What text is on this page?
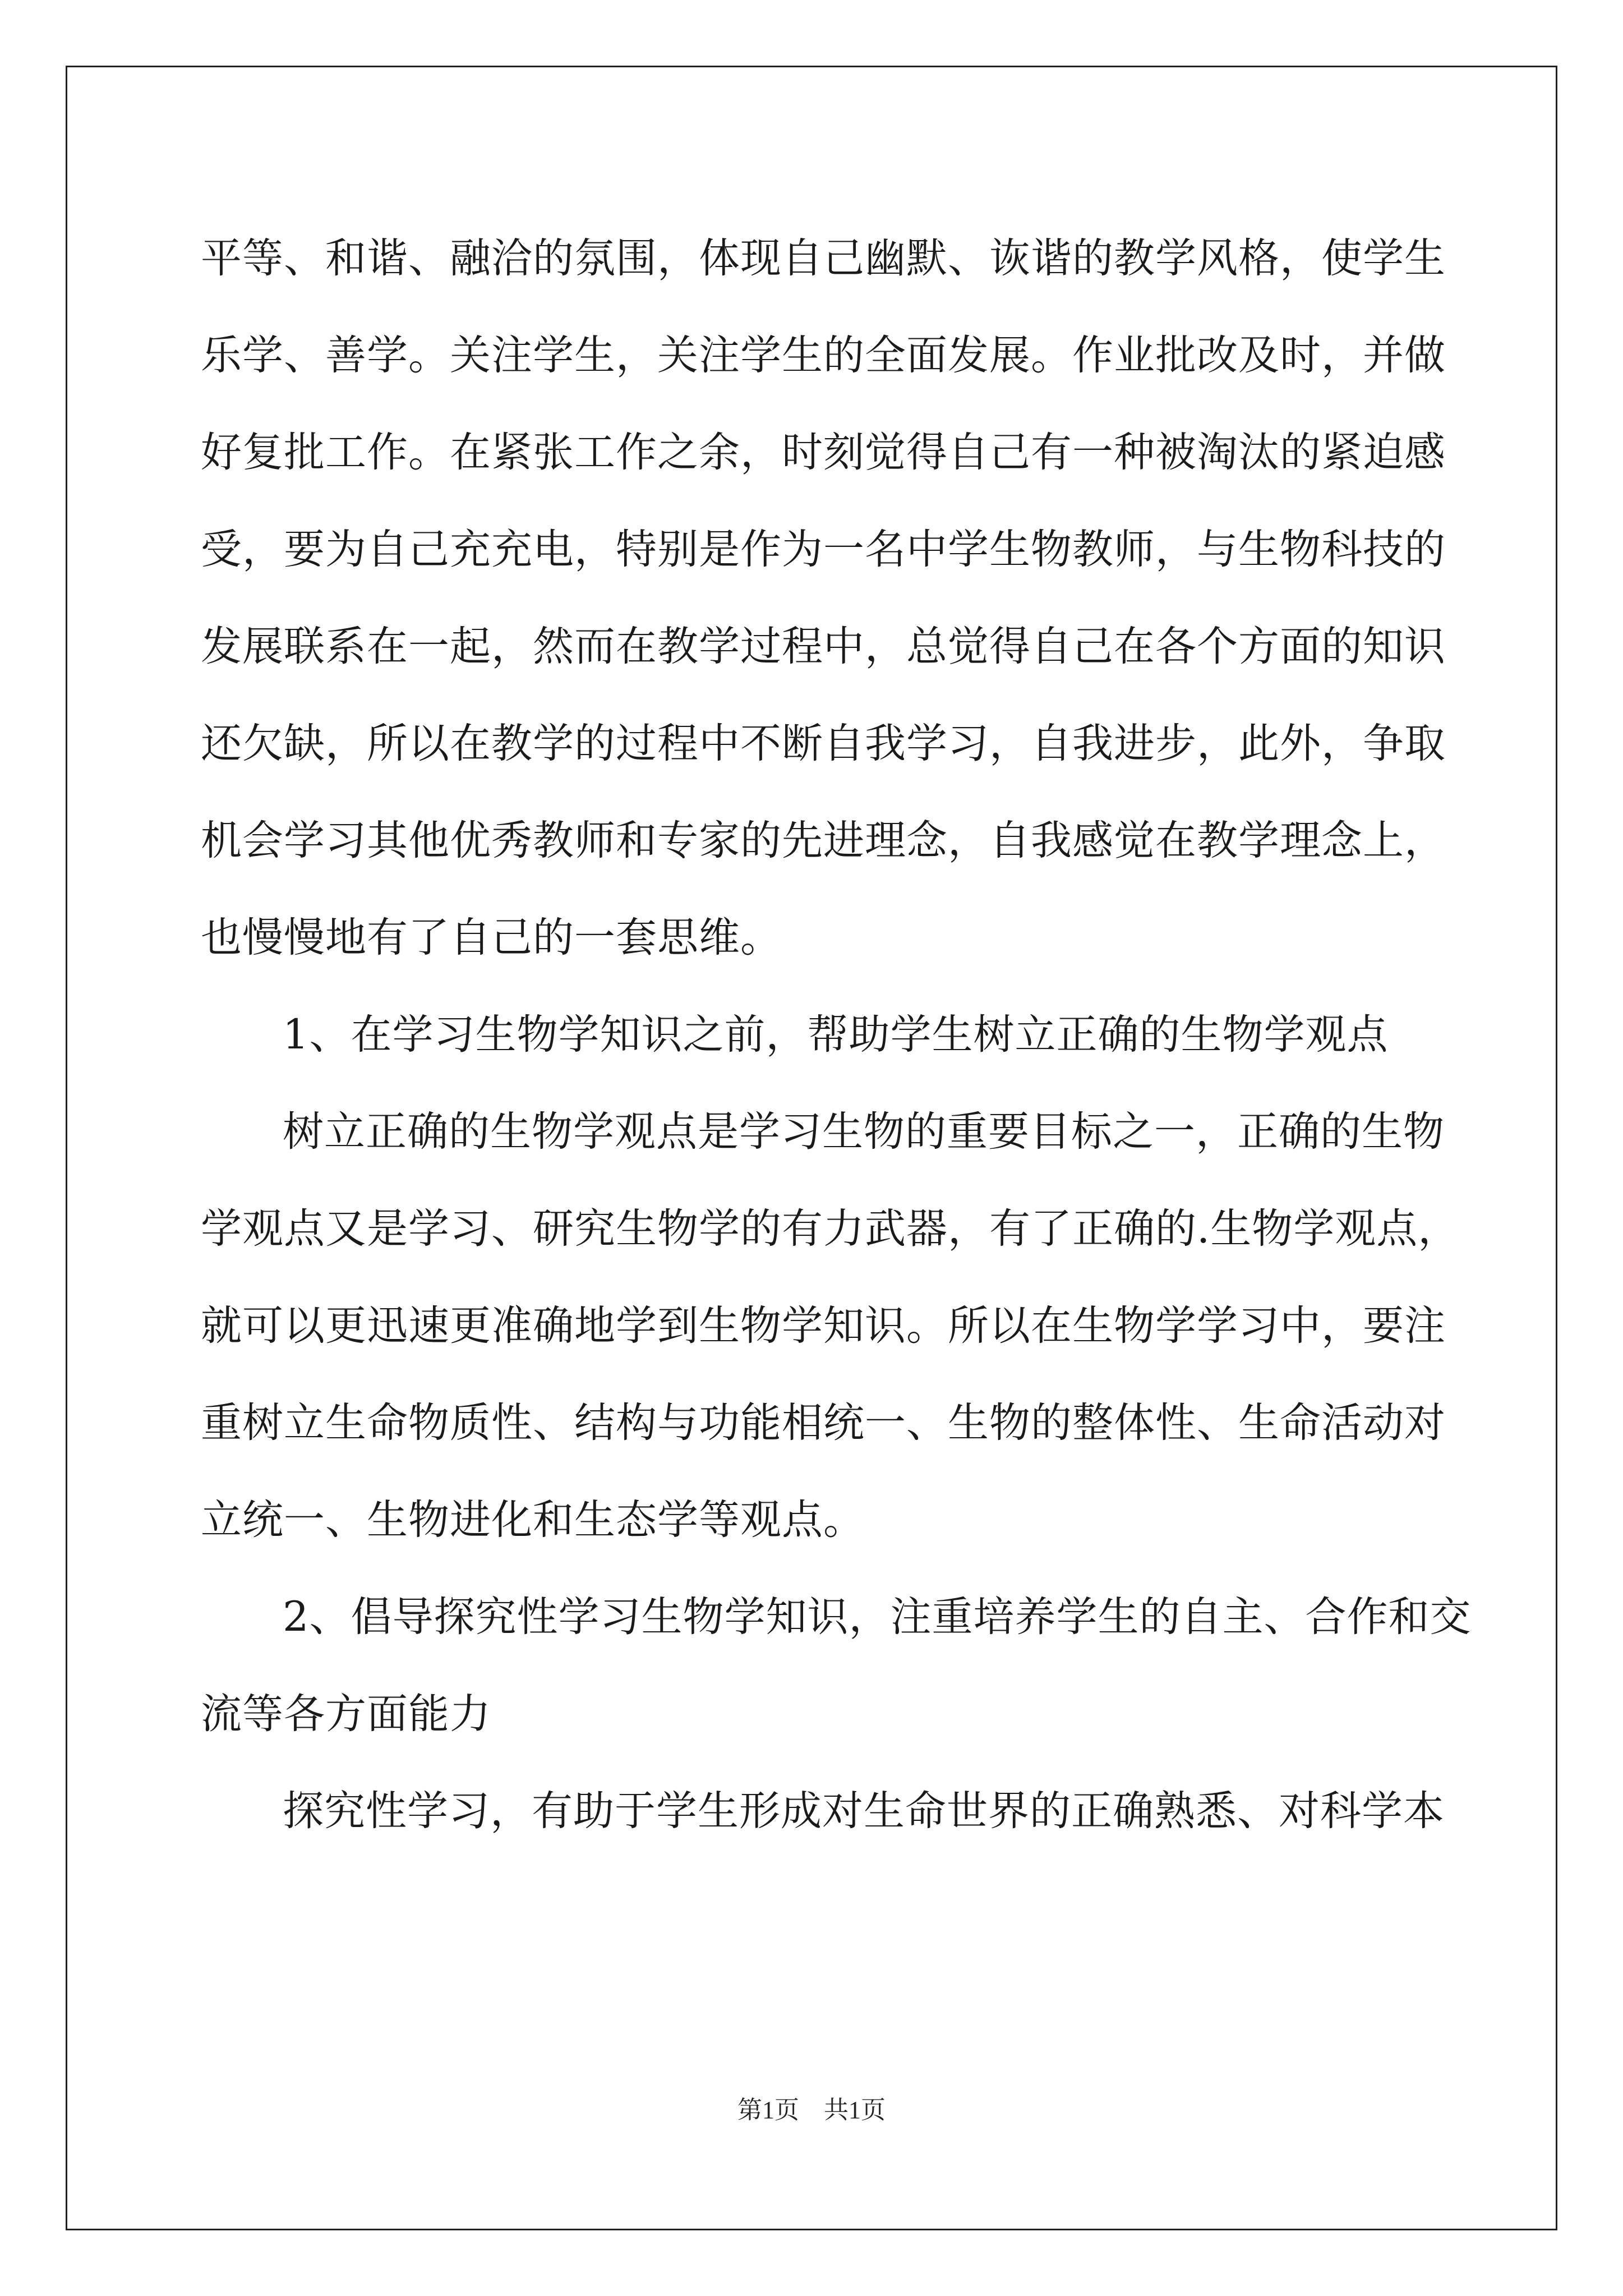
平等、和谐、融洽的氛围，体现自己幽默、诙谐的教学风格，使学生
乐学、善学。关注学生，关注学生的全面发展。作业批改及时，并做
好复批工作。在紧张工作之余，时刻觉得自己有一种被淘汰的紧迫感
受，要为自己充充电，特别是作为一名中学生物教师，与生物科技的
发展联系在一起，然而在教学过程中，总觉得自己在各个方面的知识
还欠缺，所以在教学的过程中不断自我学习，自我进步，此外，争取
机会学习其他优秀教师和专家的先进理念，自我感觉在教学理念上，
也慢慢地有了自己的一套思维。
1、在学习生物学知识之前，帮助学生树立正确的生物学观点
树立正确的生物学观点是学习生物的重要目标之一，正确的生物
学观点又是学习、研究生物学的有力武器，有了正确的.生物学观点，
就可以更迅速更准确地学到生物学知识。所以在生物学学习中，要注
重树立生命物质性、结构与功能相统一、生物的整体性、生命活动对
立统一、生物进化和生态学等观点。
2、倡导探究性学习生物学知识，注重培养学生的自主、合作和交
流等各方面能力
探究性学习，有助于学生形成对生命世界的正确熟悉、对科学本
第1页　共1页
